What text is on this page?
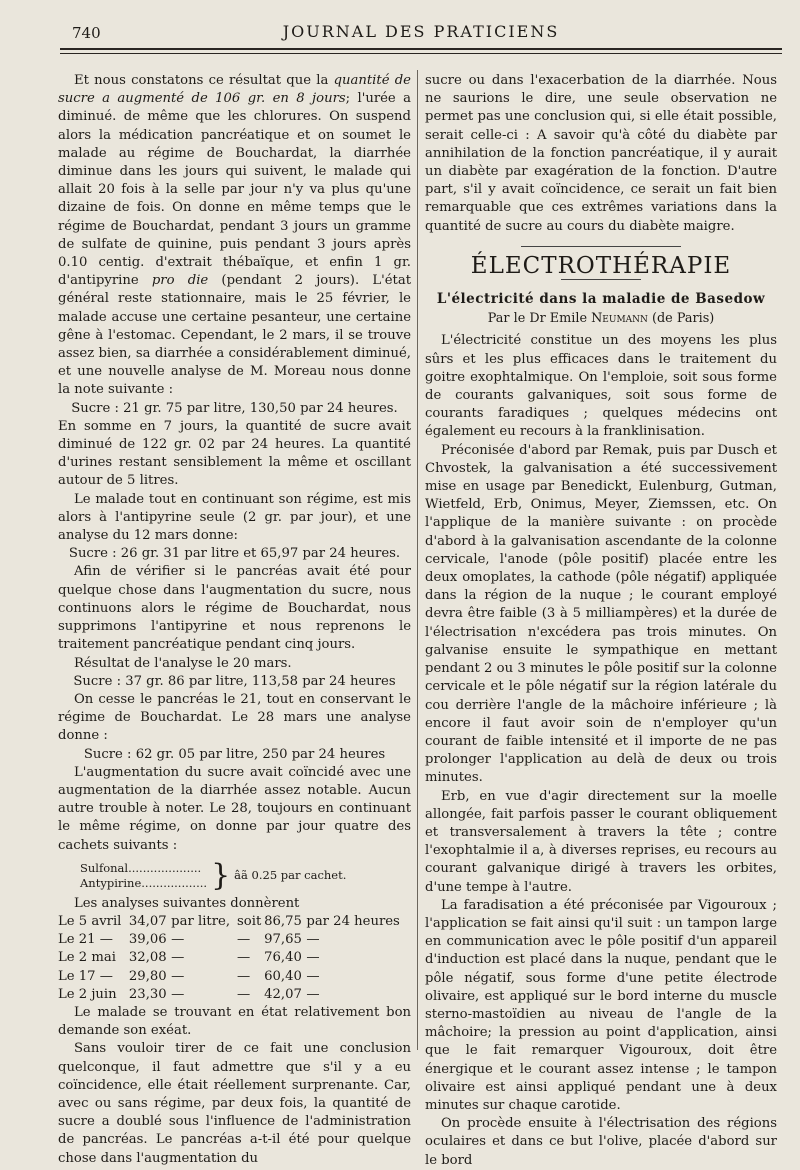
740	JOURNAL DES PRATICIENS

Et nous constatons ce résultat que la quantité de sucre a augmenté de 106 gr. en 8 jours; l'urée a diminué. de même que les chlorures. On suspend alors la médication pancréatique et on soumet le malade au régime de Bouchardat, la diarrhée diminue dans les jours qui suivent, le malade qui allait 20 fois à la selle par jour n'y va plus qu'une dizaine de fois. On donne en même temps que le régime de Bouchardat, pendant 3 jours un gramme de sulfate de quinine, puis pendant 3 jours après 0.10 centig. d'extrait thébaïque, et enfin 1 gr. d'antipyrine pro die (pendant 2 jours). L'état général reste stationnaire, mais le 25 février, le malade accuse une certaine pesanteur, une certaine gêne à l'estomac. Cependant, le 2 mars, il se trouve assez bien, sa diarrhée a considérablement diminué, et une nouvelle analyse de M. Moreau nous donne la note suivante :

Sucre : 21 gr. 75 par litre, 130,50 par 24 heures.

En somme en 7 jours, la quantité de sucre avait diminué de 122 gr. 02 par 24 heures. La quantité d'urines restant sensiblement la même et oscillant autour de 5 litres.

Le malade tout en continuant son régime, est mis alors à l'antipyrine seule (2 gr. par jour), et une analyse du 12 mars donne:

Sucre : 26 gr. 31 par litre et 65,97 par 24 heures.

Afin de vérifier si le pancréas avait été pour quelque chose dans l'augmentation du sucre, nous continuons alors le régime de Bouchardat, nous supprimons l'antipyrine et nous reprenons le traitement pancréatique pendant cinq jours.

Résultat de l'analyse le 20 mars.

Sucre : 37 gr. 86 par litre, 113,58 par 24 heures

On cesse le pancréas le 21, tout en conservant le régime de Bouchardat. Le 28 mars une analyse donne :

Sucre : 62 gr. 05 par litre, 250 par 24 heures

L'augmentation du sucre avait coïncidé avec une augmentation de la diarrhée assez notable. Aucun autre trouble à noter. Le 28, toujours en continuant le même régime, on donne par jour quatre des cachets suivants :

Sulfonal....................
Antypirine.................. } âã 0.25 par cachet.

Les analyses suivantes donnèrent

Le 5 avril	34,07	par litre,	soit	86,75	par 24 heures
Le 21 —	39,06	—	—	97,65	—
Le 2 mai	32,08	—	—	76,40	—
Le 17 —	29,80	—	—	60,40	—
Le 2 juin	23,30	—	—	42,07	—

Le malade se trouvant en état relativement bon demande son exéat.

Sans vouloir tirer de ce fait une conclusion quelconque, il faut admettre que s'il y a eu coïncidence, elle était réellement surprenante. Car, avec ou sans régime, par deux fois, la quantité de sucre a doublé sous l'influence de l'administration de pancréas. Le pancréas a-t-il été pour quelque chose dans l'augmentation du

sucre ou dans l'exacerbation de la diarrhée. Nous ne saurions le dire, une seule observation ne permet pas une conclusion qui, si elle était possible, serait celle-ci : A savoir qu'à côté du diabète par annihilation de la fonction pancréatique, il y aurait un diabète par exagération de la fonction. D'autre part, s'il y avait coïncidence, ce serait un fait bien remarquable que ces extrêmes variations dans la quantité de sucre au cours du diabète maigre.

ÉLECTROTHÉRAPIE
L'électricité dans la maladie de Basedow
Par le Dr Emile Neumann (de Paris)

L'électricité constitue un des moyens les plus sûrs et les plus efficaces dans le traitement du goitre exophtalmique. On l'emploie, soit sous forme de courants galvaniques, soit sous forme de courants faradiques ; quelques médecins ont également eu recours à la franklinisation.

Préconisée d'abord par Remak, puis par Dusch et Chvostek, la galvanisation a été successivement mise en usage par Benedickt, Eulenburg, Gutman, Wietfeld, Erb, Onimus, Meyer, Ziemssen, etc. On l'applique de la manière suivante : on procède d'abord à la galvanisation ascendante de la colonne cervicale, l'anode (pôle positif) placée entre les deux omoplates, la cathode (pôle négatif) appliquée dans la région de la nuque ; le courant employé devra être faible (3 à 5 milliampères) et la durée de l'électrisation n'excédera pas trois minutes. On galvanise ensuite le sympathique en mettant pendant 2 ou 3 minutes le pôle positif sur la colonne cervicale et le pôle négatif sur la région latérale du cou derrière l'angle de la mâchoire inférieure ; là encore il faut avoir soin de n'employer qu'un courant de faible intensité et il importe de ne pas prolonger l'application au delà de deux ou trois minutes.

Erb, en vue d'agir directement sur la moelle allongée, fait parfois passer le courant obliquement et transversalement à travers la tête ; contre l'exophtalmie il a, à diverses reprises, eu recours au courant galvanique dirigé à travers les orbites, d'une tempe à l'autre.

La faradisation a été préconisée par Vigouroux ; l'application se fait ainsi qu'il suit : un tampon large en communication avec le pôle positif d'un appareil d'induction est placé dans la nuque, pendant que le pôle négatif, sous forme d'une petite électrode olivaire, est appliqué sur le bord interne du muscle sterno-mastoïdien au niveau de l'angle de la mâchoire; la pression au point d'application, ainsi que le fait remarquer Vigouroux, doit être énergique et le courant assez intense ; le tampon olivaire est ainsi appliqué pendant une à deux minutes sur chaque carotide.

On procède ensuite à l'électrisation des régions oculaires et dans ce but l'olive, placée d'abord sur le bord
